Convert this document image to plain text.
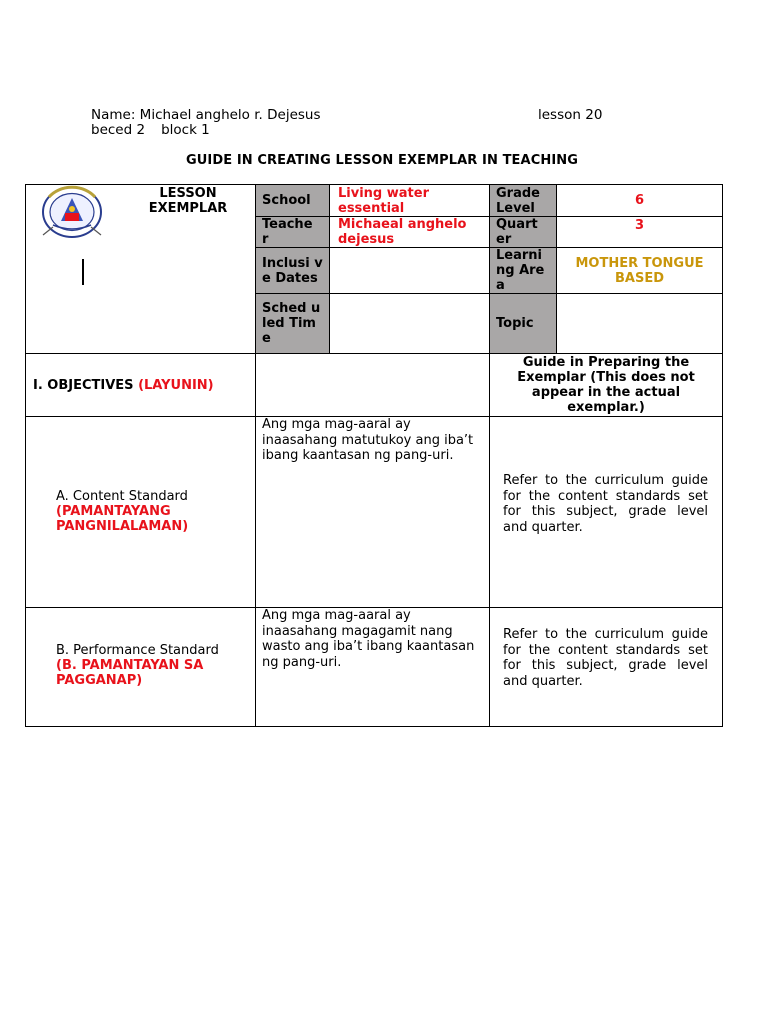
Name: Michael anghelo r. Dejesus	lesson 20
beced 2 block 1
GUIDE IN CREATING LESSON EXEMPLAR IN TEACHING
LESSON
EXEMPLAR
School
Teache r
Inclusi ve Dates
Sched uled Time
Living water essential
Michaeal anghelo dejesus
Grade Level
Quart er
Learni ng Area
Topic
6
3
MOTHER TONGUE BASED
I. OBJECTIVES (LAYUNIN)
Guide in Preparing the Exemplar (This does not appear in the actual exemplar.)
A. Content Standard
(PAMANTAYANG PANGNILALAMAN)
Ang mga mag-aaral ay inaasahang matutukoy ang iba’t ibang kaantasan ng pang-uri.
Refer to the curriculum guide for the content standards set for this subject, grade level and quarter.
B. Performance Standard
(B. PAMANTAYAN SA PAGGANAP)
Ang mga mag-aaral ay inaasahang magagamit nang wasto ang iba’t ibang kaantasan ng pang-uri.
Refer to the curriculum guide for the content standards set for this subject, grade level and quarter.
